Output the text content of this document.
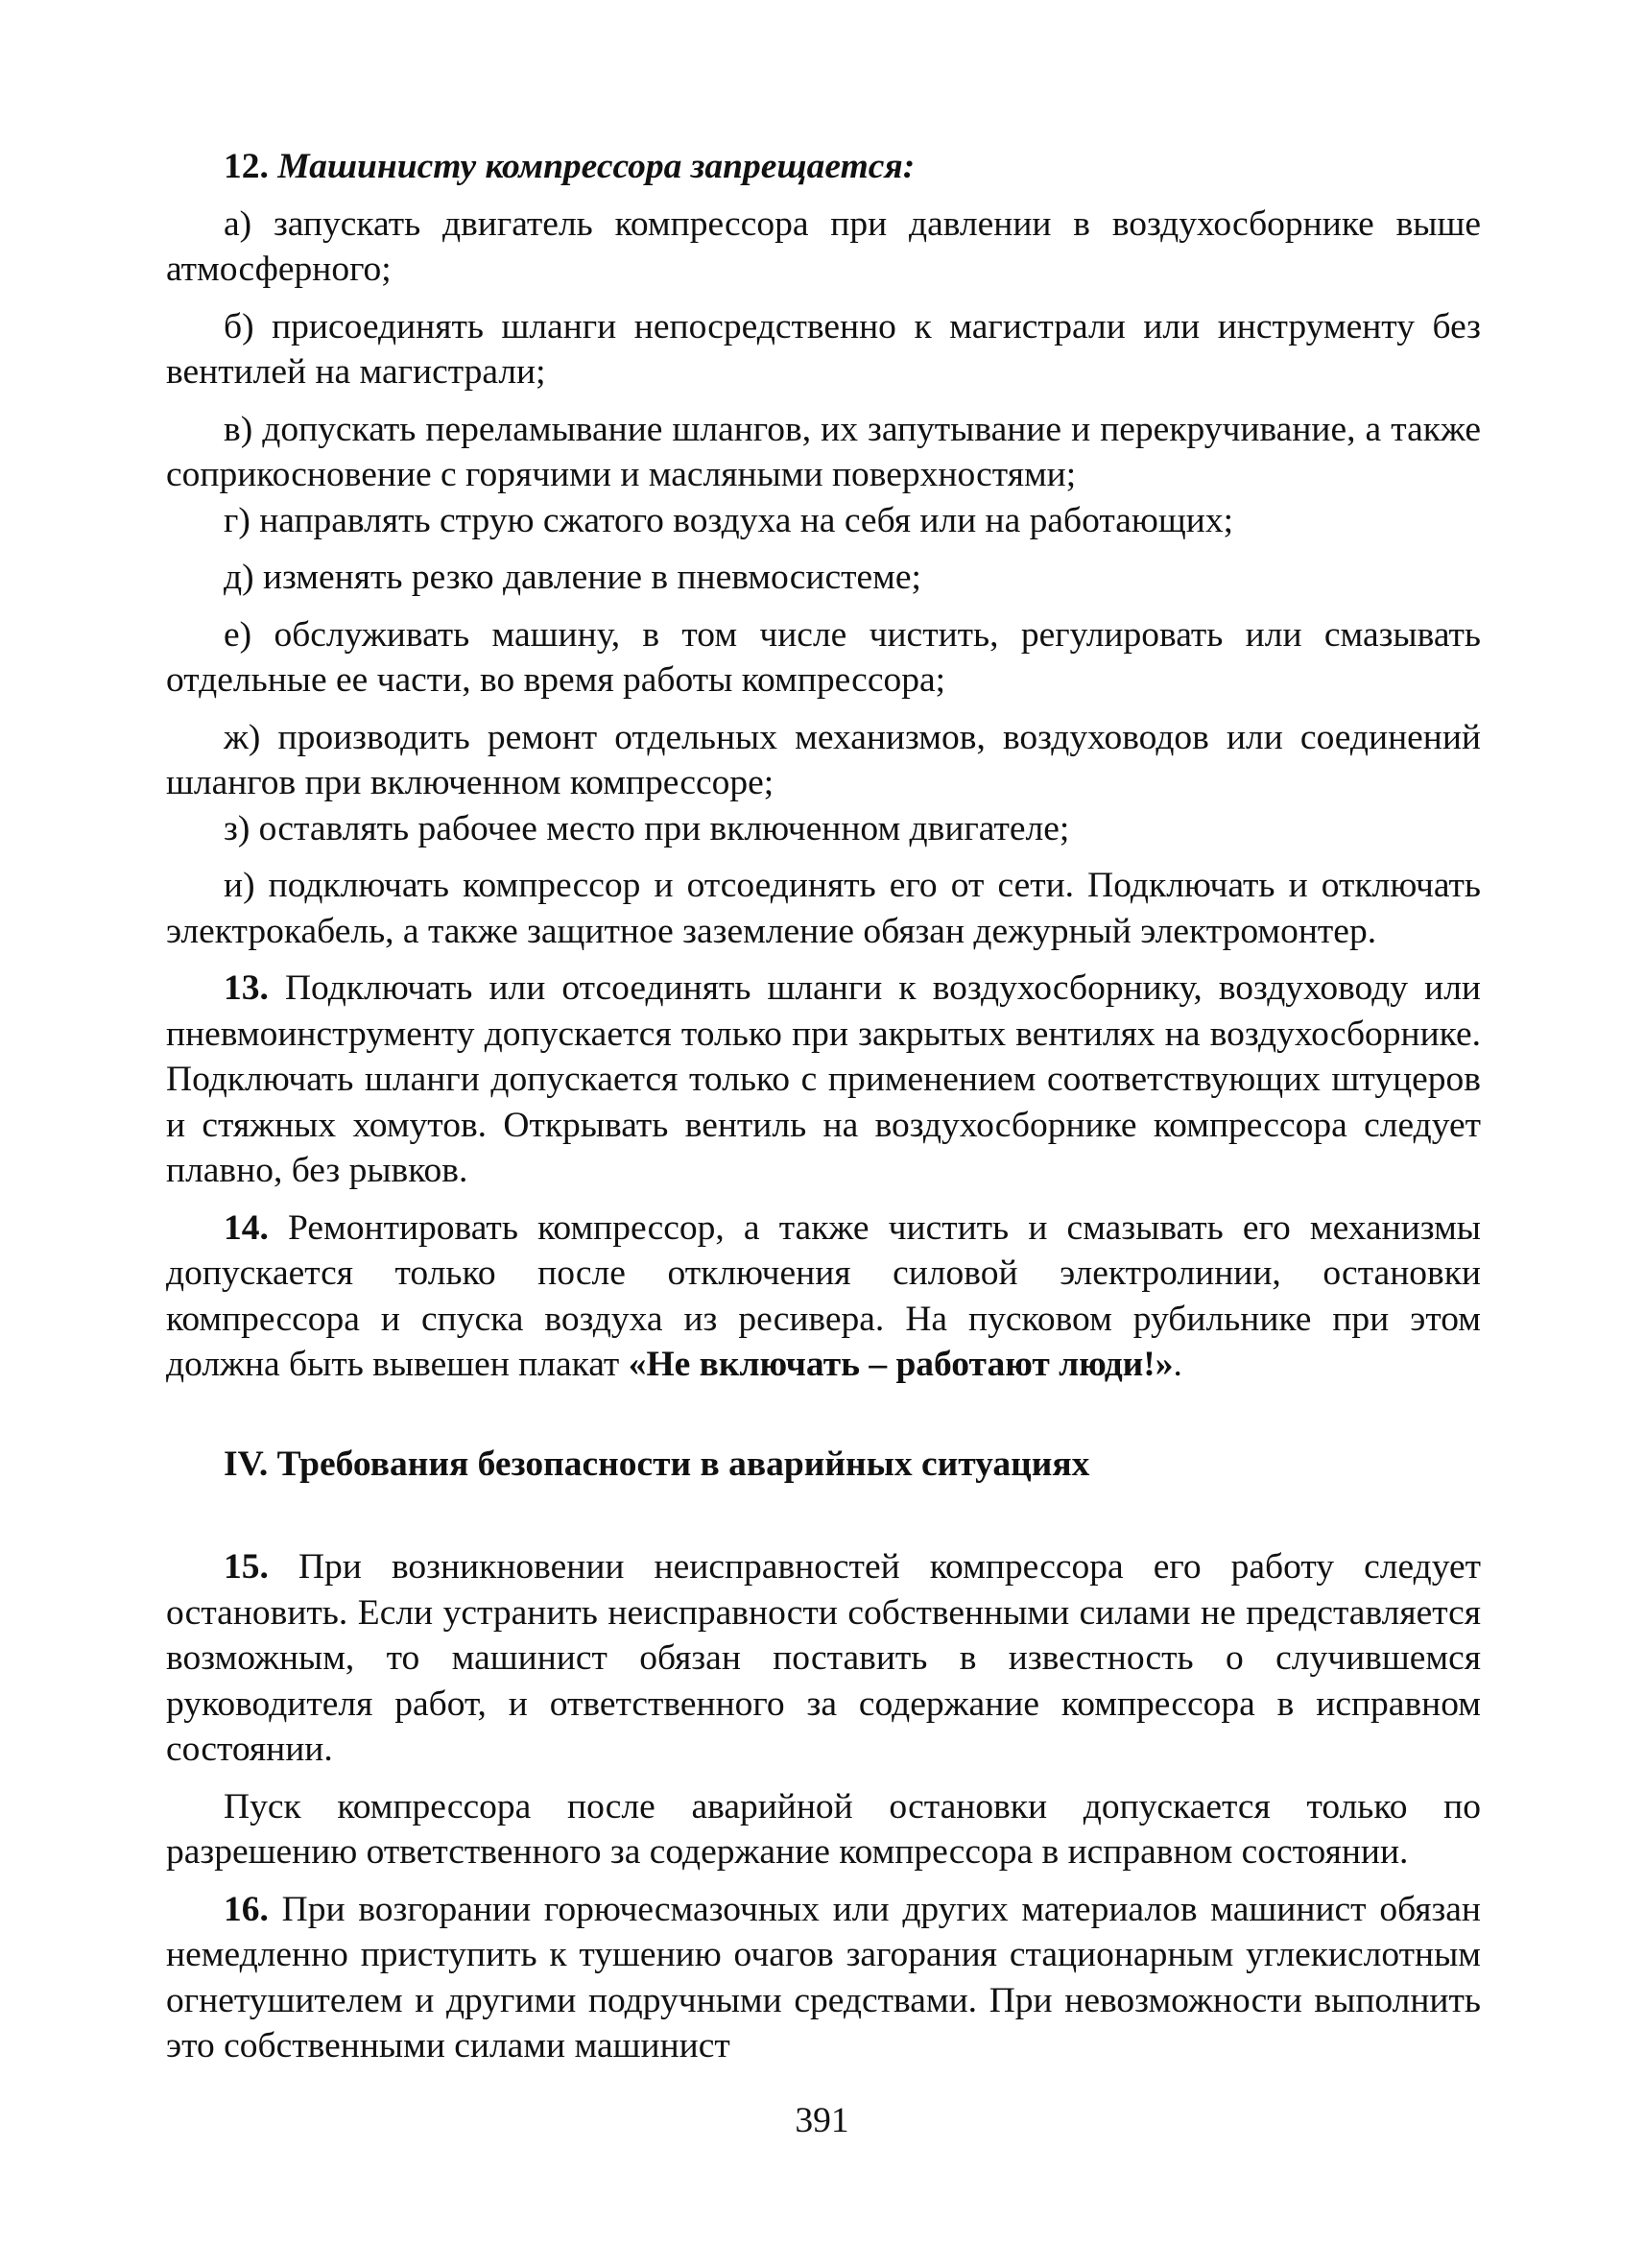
12. Машинисту компрессора запрещается:

а) запускать двигатель компрессора при давлении в воздухосборнике выше атмосферного;

б) присоединять шланги непосредственно к магистрали или инструменту без вентилей на магистрали;

в) допускать переламывание шлангов, их запутывание и перекручивание, а также соприкосновение с горячими и масляными поверхностями;

г) направлять струю сжатого воздуха на себя или на работающих;

д) изменять резко давление в пневмосистеме;

е) обслуживать машину, в том числе чистить, регулировать или смазывать отдельные ее части, во время работы компрессора;

ж) производить ремонт отдельных механизмов, воздуховодов или соединений шлангов при включенном компрессоре;

з) оставлять рабочее место при включенном двигателе;

и) подключать компрессор и отсоединять его от сети. Подключать и отключать электрокабель, а также защитное заземление обязан дежурный электромонтер.

13. Подключать или отсоединять шланги к воздухосборнику, воздуховоду или пневмоинструменту допускается только при закрытых вентилях на воздухосборнике. Подключать шланги допускается только с применением соответствующих штуцеров и стяжных хомутов. Открывать вентиль на воздухосборнике компрессора следует плавно, без рывков.

14. Ремонтировать компрессор, а также чистить и смазывать его механизмы допускается только после отключения силовой электролинии, остановки компрессора и спуска воздуха из ресивера. На пусковом рубильнике при этом должна быть вывешен плакат «Не включать – работают люди!».

IV. Требования безопасности в аварийных ситуациях

15. При возникновении неисправностей компрессора его работу следует остановить. Если устранить неисправности собственными силами не представляется возможным, то машинист обязан поставить в известность о случившемся руководителя работ, и ответственного за содержание компрессора в исправном состоянии.

Пуск компрессора после аварийной остановки допускается только по разрешению ответственного за содержание компрессора в исправном состоянии.

16. При возгорании горючесмазочных или других материалов машинист обязан немедленно приступить к тушению очагов загорания стационарным углекислотным огнетушителем и другими подручными средствами. При невозможности выполнить это собственными силами машинист

391
